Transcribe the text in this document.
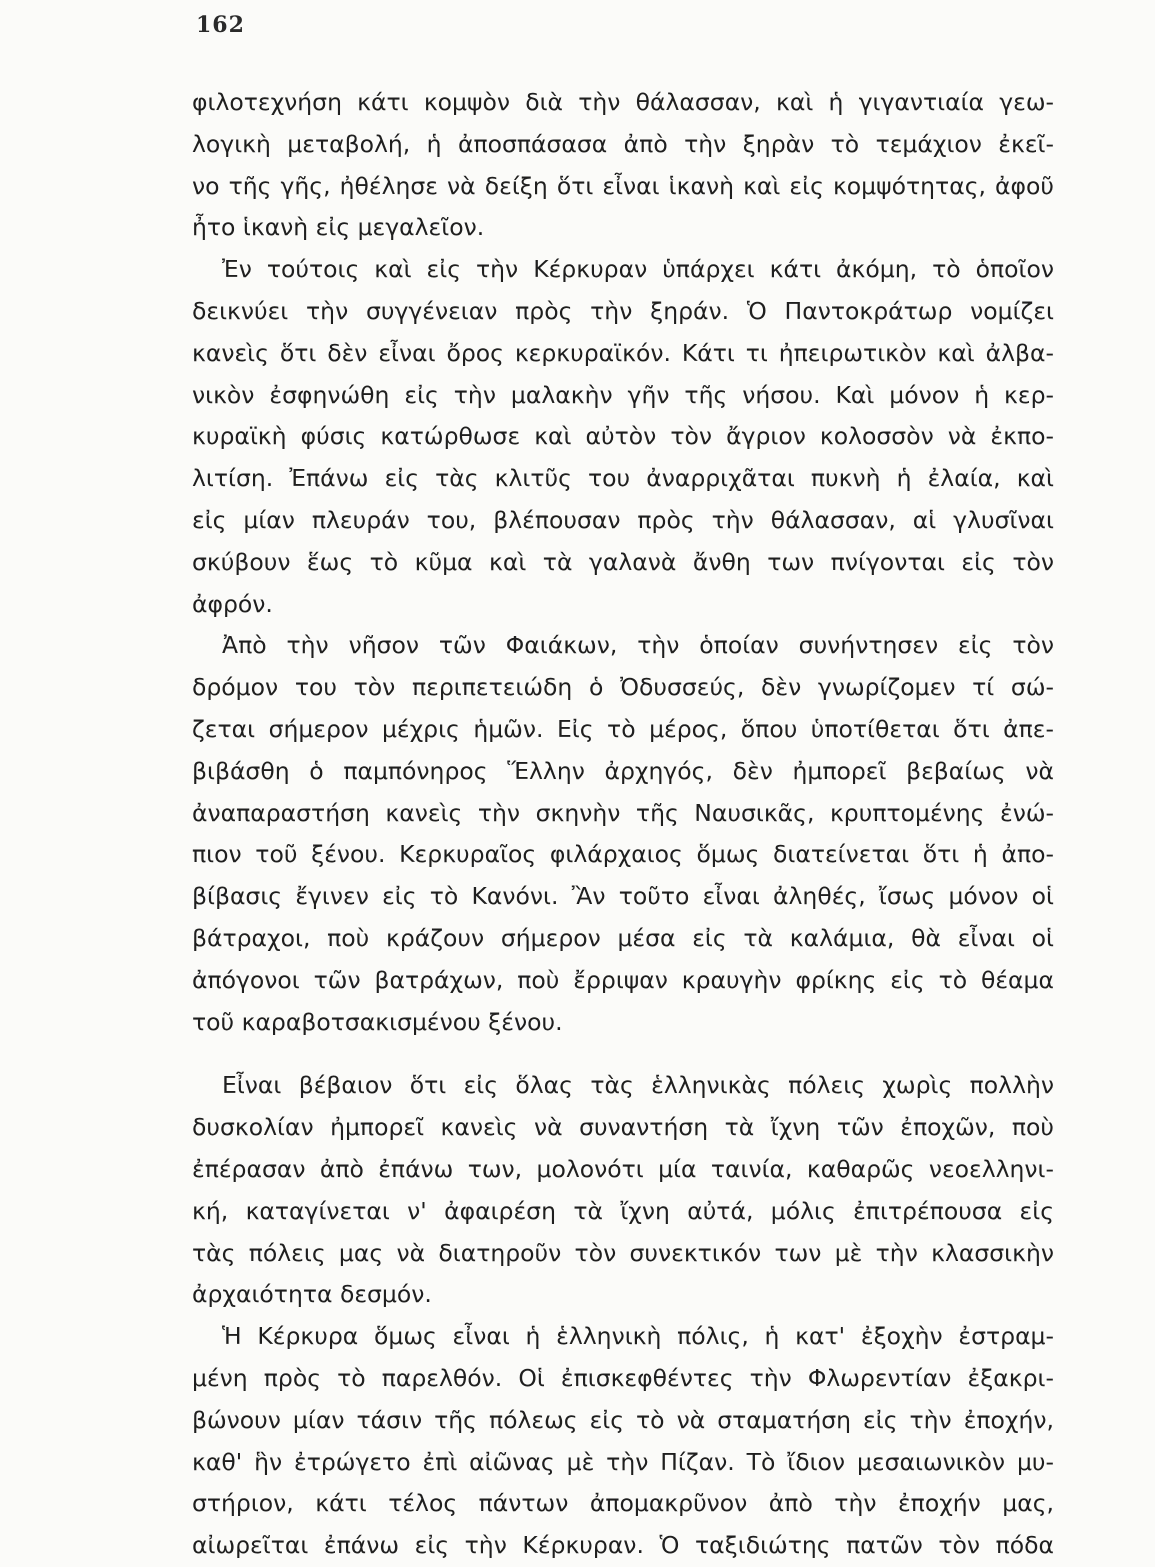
162
φιλοτεχνήση κάτι κομψὸν διὰ τὴν θάλασσαν, καὶ ἡ γιγαντιαία γεω-
λογικὴ μεταβολή, ἡ ἀποσπάσασα ἀπὸ τὴν ξηρὰν τὸ τεμάχιον ἐκεῖ-
νο τῆς γῆς, ἠθέλησε νὰ δείξη ὅτι εἶναι ἱκανὴ καὶ εἰς κομψότητας, ἀφοῦ
ἦτο ἱκανὴ εἰς μεγαλεῖον.
Ἐν τούτοις καὶ εἰς τὴν Κέρκυραν ὑπάρχει κάτι ἀκόμη, τὸ ὁποῖον
δεικνύει τὴν συγγένειαν πρὸς τὴν ξηράν. Ὁ Παντοκράτωρ νομίζει
κανεὶς ὅτι δὲν εἶναι ὄρος κερκυραϊκόν. Κάτι τι ἠπειρωτικὸν καὶ ἀλβα-
νικὸν ἐσφηνώθη εἰς τὴν μαλακὴν γῆν τῆς νήσου. Καὶ μόνον ἡ κερ-
κυραϊκὴ φύσις κατώρθωσε καὶ αὐτὸν τὸν ἄγριον κολοσσὸν νὰ ἐκπο-
λιτίση. Ἐπάνω εἰς τὰς κλιτῦς του ἀναρριχᾶται πυκνὴ ἡ ἐλαία, καὶ
εἰς μίαν πλευράν του, βλέπουσαν πρὸς τὴν θάλασσαν, αἱ γλυσῖναι
σκύβουν ἕως τὸ κῦμα καὶ τὰ γαλανὰ ἄνθη των πνίγονται εἰς τὸν
ἀφρόν.
Ἀπὸ τὴν νῆσον τῶν Φαιάκων, τὴν ὁποίαν συνήντησεν εἰς τὸν
δρόμον του τὸν περιπετειώδη ὁ Ὀδυσσεύς, δὲν γνωρίζομεν τί σώ-
ζεται σήμερον μέχρις ἡμῶν. Εἰς τὸ μέρος, ὅπου ὑποτίθεται ὅτι ἀπε-
βιβάσθη ὁ παμπόνηρος Ἕλλην ἀρχηγός, δὲν ἠμπορεῖ βεβαίως νὰ
ἀναπαραστήση κανεὶς τὴν σκηνὴν τῆς Ναυσικᾶς, κρυπτομένης ἐνώ-
πιον τοῦ ξένου. Κερκυραῖος φιλάρχαιος ὅμως διατείνεται ὅτι ἡ ἀπο-
βίβασις ἔγινεν εἰς τὸ Κανόνι. Ἂν τοῦτο εἶναι ἀληθές, ἴσως μόνον οἱ
βάτραχοι, ποὺ κράζουν σήμερον μέσα εἰς τὰ καλάμια, θὰ εἶναι οἱ
ἀπόγονοι τῶν βατράχων, ποὺ ἔρριψαν κραυγὴν φρίκης εἰς τὸ θέαμα
τοῦ καραβοτσακισμένου ξένου.
Εἶναι βέβαιον ὅτι εἰς ὅλας τὰς ἑλληνικὰς πόλεις χωρὶς πολλὴν
δυσκολίαν ἠμπορεῖ κανεὶς νὰ συναντήση τὰ ἴχνη τῶν ἐποχῶν, ποὺ
ἐπέρασαν ἀπὸ ἐπάνω των, μολονότι μία ταινία, καθαρῶς νεοελληνι-
κή, καταγίνεται ν' ἀφαιρέση τὰ ἴχνη αὐτά, μόλις ἐπιτρέπουσα εἰς
τὰς πόλεις μας νὰ διατηροῦν τὸν συνεκτικόν των μὲ τὴν κλασσικὴν
ἀρχαιότητα δεσμόν.
Ἡ Κέρκυρα ὅμως εἶναι ἡ ἑλληνικὴ πόλις, ἡ κατ' ἐξοχὴν ἐστραμ-
μένη πρὸς τὸ παρελθόν. Οἱ ἐπισκεφθέντες τὴν Φλωρεντίαν ἐξακρι-
βώνουν μίαν τάσιν τῆς πόλεως εἰς τὸ νὰ σταματήση εἰς τὴν ἐποχήν,
καθ' ἣν ἐτρώγετο ἐπὶ αἰῶνας μὲ τὴν Πίζαν. Τὸ ἴδιον μεσαιωνικὸν μυ-
στήριον, κάτι τέλος πάντων ἀπομακρῦνον ἀπὸ τὴν ἐποχήν μας,
αἰωρεῖται ἐπάνω εἰς τὴν Κέρκυραν. Ὁ ταξιδιώτης πατῶν τὸν πόδα
